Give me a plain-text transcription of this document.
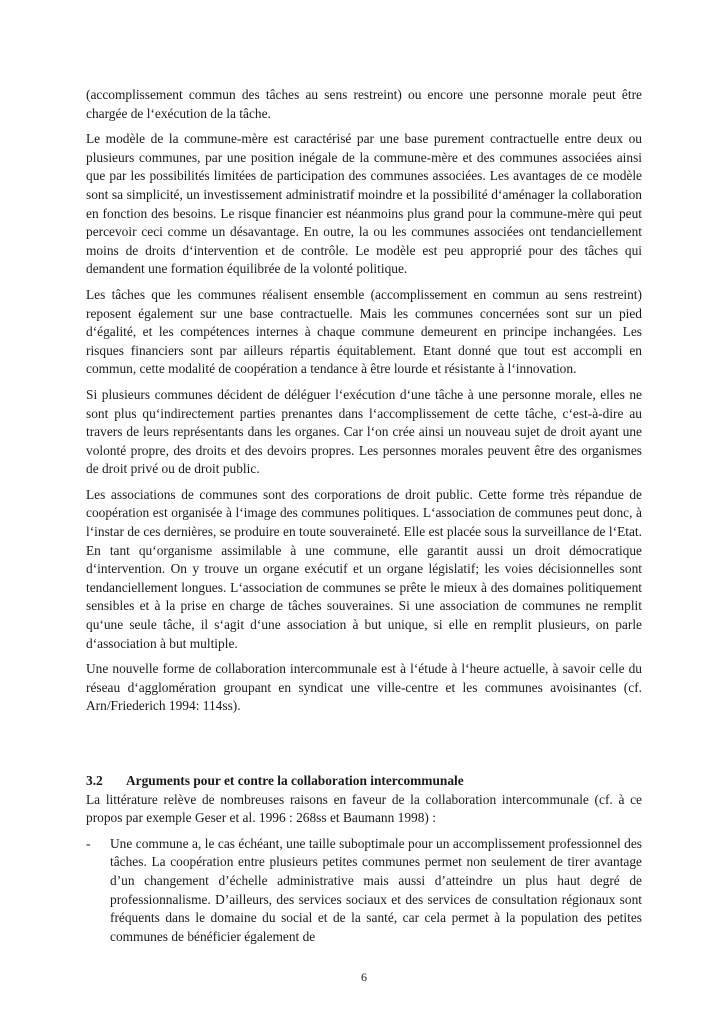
(accomplissement commun des tâches au sens restreint) ou encore une personne morale peut être chargée de l‘exécution de la tâche.

Le modèle de la commune-mère est caractérisé par une base purement contractuelle entre deux ou plusieurs communes, par une position inégale de la commune-mère et des communes associées ainsi que par les possibilités limitées de participation des communes associées. Les avantages de ce modèle sont sa simplicité, un investissement administratif moindre et la possibilité d‘aménager la collaboration en fonction des besoins. Le risque financier est néanmoins plus grand pour la commune-mère qui peut percevoir ceci comme un désavantage. En outre, la ou les communes associées ont tendanciellement moins de droits d‘intervention et de contrôle. Le modèle est peu approprié pour des tâches qui demandent une formation équilibrée de la volonté politique.

Les tâches que les communes réalisent ensemble (accomplissement en commun au sens restreint) reposent également sur une base contractuelle. Mais les communes concernées sont sur un pied d‘égalité, et les compétences internes à chaque commune demeurent en principe inchangées. Les risques financiers sont par ailleurs répartis équitablement. Etant donné que tout est accompli en commun, cette modalité de coopération a tendance à être lourde et résistante à l‘innovation.

Si plusieurs communes décident de déléguer l‘exécution d‘une tâche à une personne morale, elles ne sont plus qu‘indirectement parties prenantes dans l‘accomplissement de cette tâche, c‘est-à-dire au travers de leurs représentants dans les organes. Car l‘on crée ainsi un nouveau sujet de droit ayant une volonté propre, des droits et des devoirs propres. Les personnes morales peuvent être des organismes de droit privé ou de droit public.

Les associations de communes sont des corporations de droit public. Cette forme très répandue de coopération est organisée à l‘image des communes politiques. L‘association de communes peut donc, à l‘instar de ces dernières, se produire en toute souveraineté. Elle est placée sous la surveillance de l‘Etat. En tant qu‘organisme assimilable à une commune, elle garantit aussi un droit démocratique d‘intervention. On y trouve un organe exécutif et un organe législatif; les voies décisionnelles sont tendanciellement longues. L‘association de communes se prête le mieux à des domaines politiquement sensibles et à la prise en charge de tâches souveraines. Si une association de communes ne remplit qu‘une seule tâche, il s‘agit d‘une association à but unique, si elle en remplit plusieurs, on parle d‘association à but multiple.

Une nouvelle forme de collaboration intercommunale est à l‘étude à l‘heure actuelle, à savoir celle du réseau d‘agglomération groupant en syndicat une ville-centre et les communes avoisinantes (cf. Arn/Friederich 1994: 114ss).

3.2	Arguments pour et contre la collaboration intercommunale

La littérature relève de nombreuses raisons en faveur de la collaboration intercommunale (cf. à ce propos par exemple Geser et al. 1996 : 268ss et Baumann 1998) :

-	Une commune a, le cas échéant, une taille suboptimale pour un accomplissement professionnel des tâches. La coopération entre plusieurs petites communes permet non seulement de tirer avantage d’un changement d’échelle administrative mais aussi d’atteindre un plus haut degré de professionnalisme. D’ailleurs, des services sociaux et des services de consultation régionaux sont fréquents dans le domaine du social et de la santé, car cela permet à la population des petites communes de bénéficier également de
6
